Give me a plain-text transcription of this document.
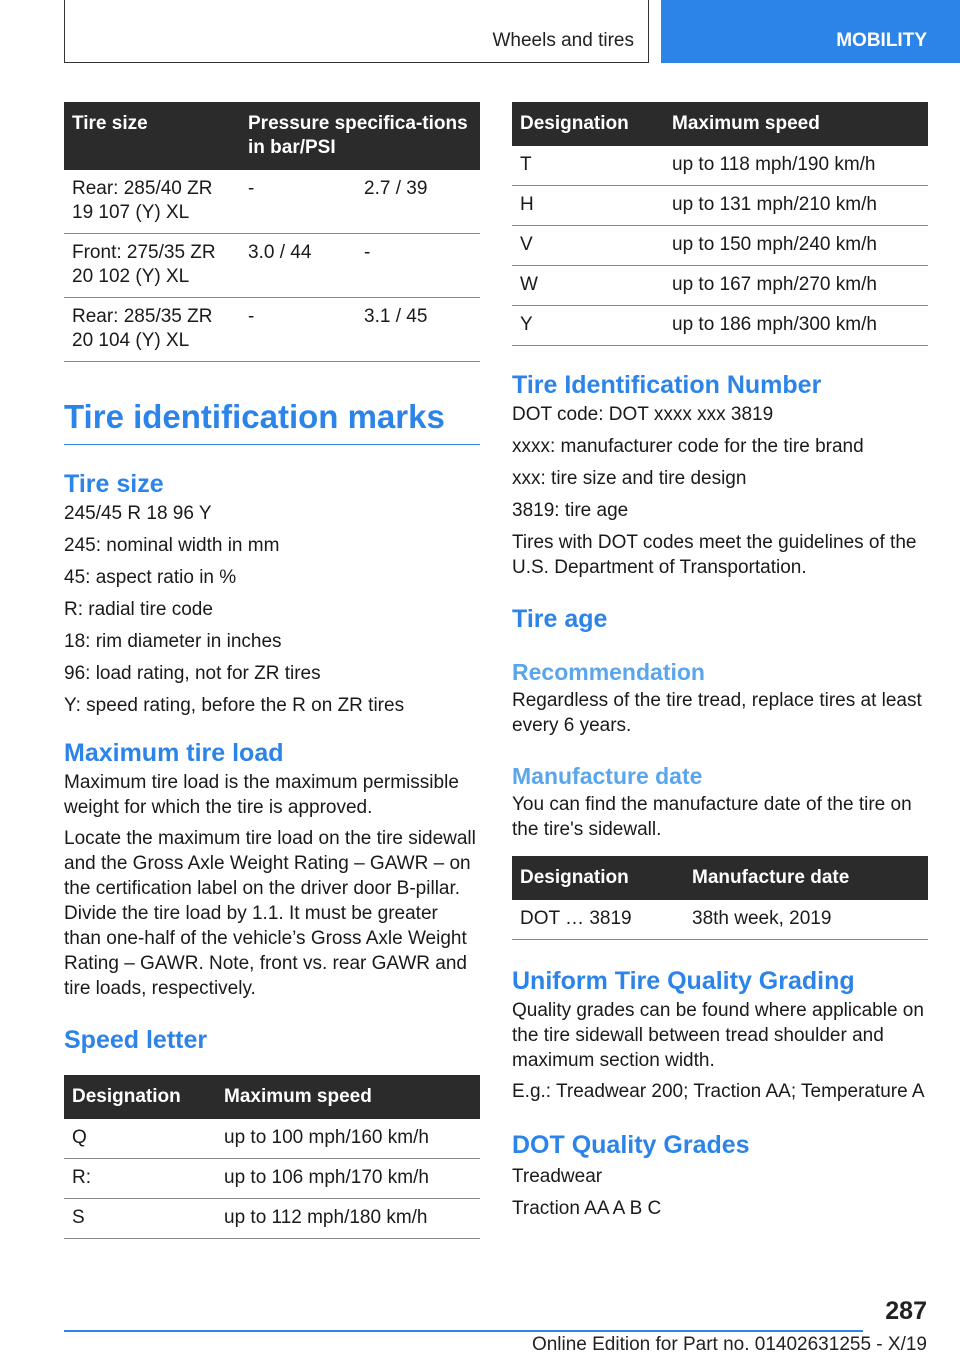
Wheels and tires	MOBILITY
Tire size	Pressure specifica-tions in bar/PSI	
Rear: 285/40 ZR 19 107 (Y) XL	-	2.7 / 39
Front: 275/35 ZR 20 102 (Y) XL	3.0 / 44	-
Rear: 285/35 ZR 20 104 (Y) XL	-	3.1 / 45
Tire identification marks
Tire size

245/45 R 18 96 Y

245: nominal width in mm

45: aspect ratio in %

R: radial tire code

18: rim diameter in inches

96: load rating, not for ZR tires

Y: speed rating, before the R on ZR tires

Maximum tire load

Maximum tire load is the maximum permissible weight for which the tire is approved.

Locate the maximum tire load on the tire sidewall and the Gross Axle Weight Rating – GAWR – on the certification label on the driver door B-pillar. Divide the tire load by 1.1. It must be greater than one-half of the vehicle’s Gross Axle Weight Rating – GAWR. Note, front vs. rear GAWR and tire loads, respectively.

Speed letter
Designation	Maximum speed
Q	up to 100 mph/160 km/h
R:	up to 106 mph/170 km/h
S	up to 112 mph/180 km/h
Designation	Maximum speed
T	up to 118 mph/190 km/h
H	up to 131 mph/210 km/h
V	up to 150 mph/240 km/h
W	up to 167 mph/270 km/h
Y	up to 186 mph/300 km/h
Tire Identification Number

DOT code: DOT xxxx xxx 3819

xxxx: manufacturer code for the tire brand

xxx: tire size and tire design

3819: tire age

Tires with DOT codes meet the guidelines of the U.S. Department of Transportation.

Tire age
Recommendation

Regardless of the tire tread, replace tires at least every 6 years.

Manufacture date

You can find the manufacture date of the tire on the tire's sidewall.

Designation	Manufacture date
DOT … 3819	38th week, 2019
Uniform Tire Quality Grading

Quality grades can be found where applicable on the tire sidewall between tread shoulder and maximum section width.

E.g.: Treadwear 200; Traction AA; Temperature A

DOT Quality Grades

Treadwear

Traction AA A B C

287
Online Edition for Part no. 01402631255 - X/19
